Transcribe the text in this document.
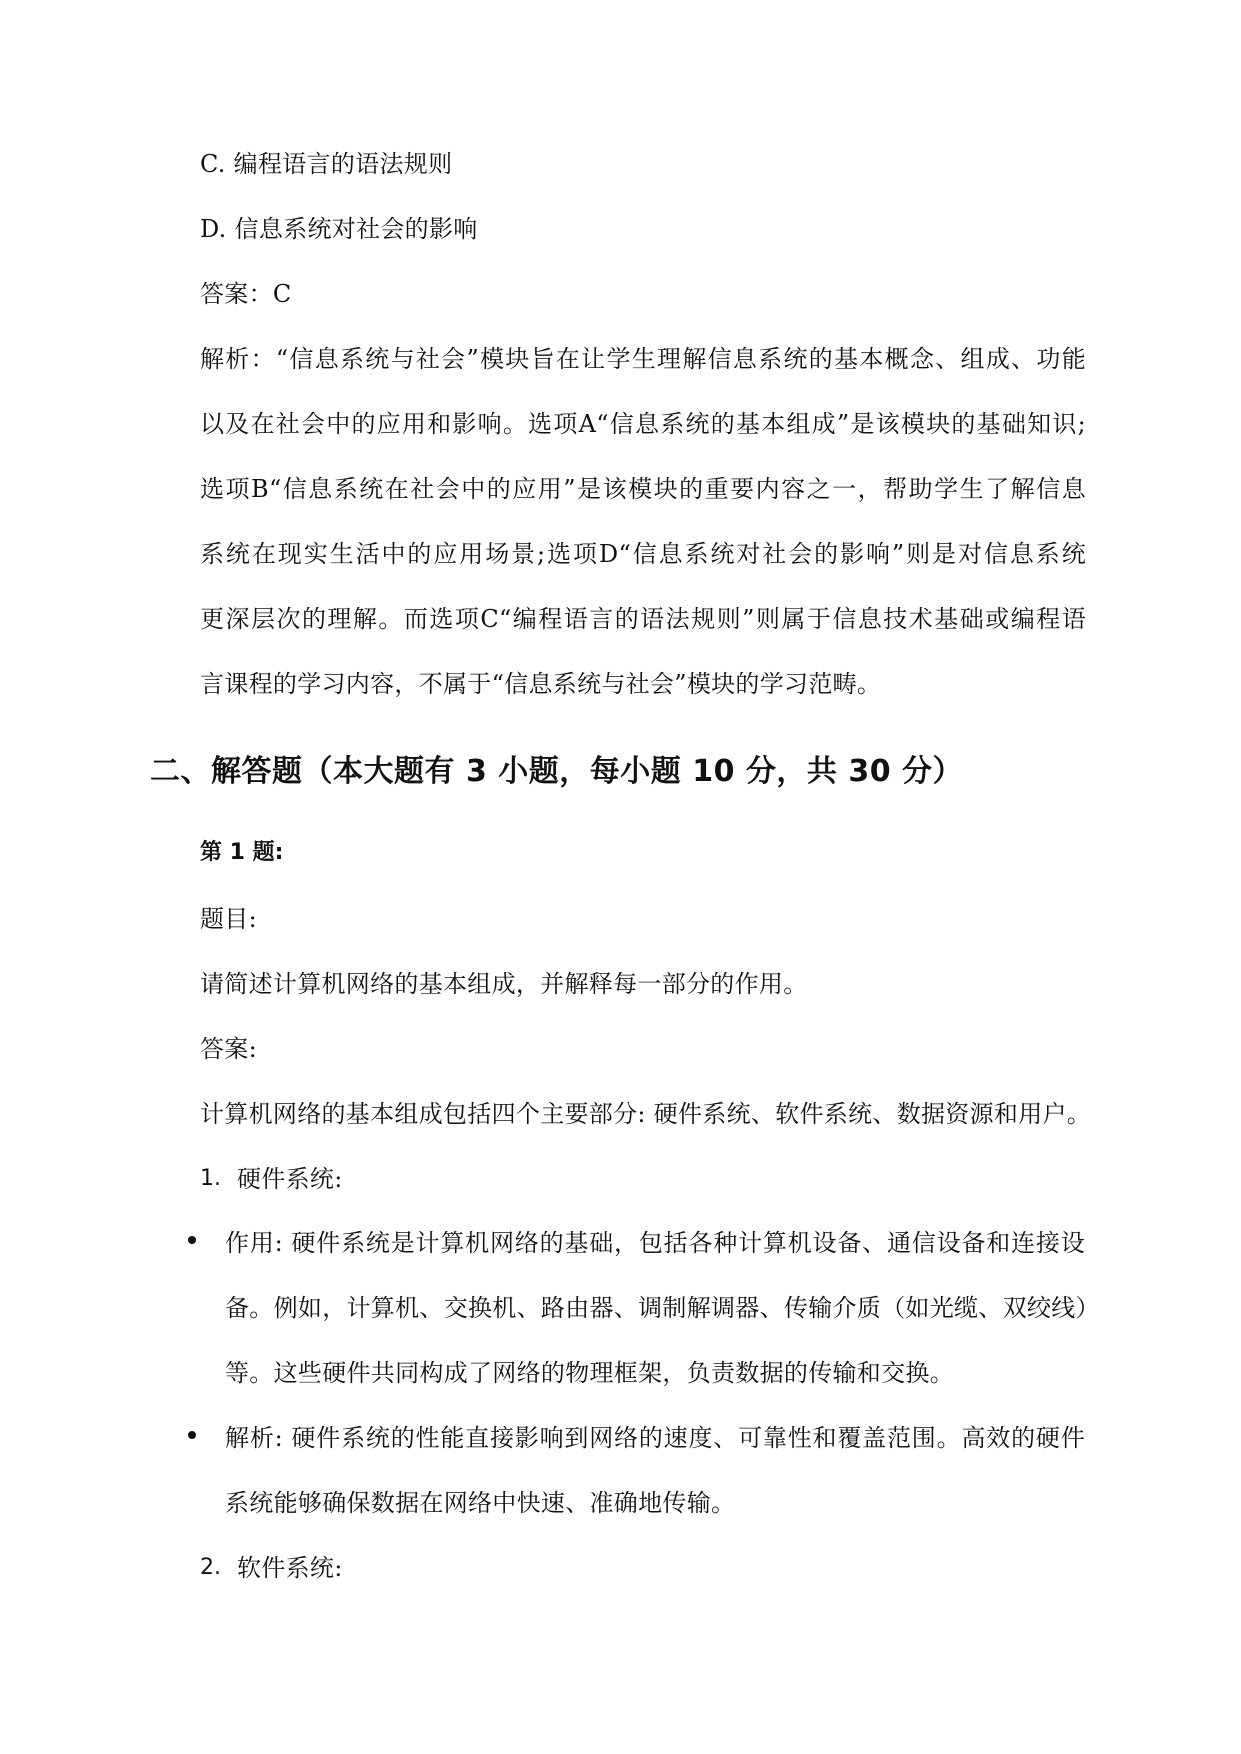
C. 编程语言的语法规则
D. 信息系统对社会的影响
答案：C
解析：“信息系统与社会”模块旨在让学生理解信息系统的基本概念、组成、功能
以及在社会中的应用和影响。选项A“信息系统的基本组成”是该模块的基础知识;
选项B“信息系统在社会中的应用”是该模块的重要内容之一，帮助学生了解信息
系统在现实生活中的应用场景;选项D“信息系统对社会的影响”则是对信息系统
更深层次的理解。而选项C“编程语言的语法规则”则属于信息技术基础或编程语
言课程的学习内容，不属于“信息系统与社会”模块的学习范畴。
二、解答题（本大题有 3 小题，每小题 10 分，共 30 分）
第 1 题:
题目:
请简述计算机网络的基本组成，并解释每一部分的作用。
答案:
计算机网络的基本组成包括四个主要部分: 硬件系统、软件系统、数据资源和用户。
1. 硬件系统:
作用: 硬件系统是计算机网络的基础，包括各种计算机设备、通信设备和连接设
备。例如，计算机、交换机、路由器、调制解调器、传输介质（如光缆、双绞线）
等。这些硬件共同构成了网络的物理框架，负责数据的传输和交换。
解析: 硬件系统的性能直接影响到网络的速度、可靠性和覆盖范围。高效的硬件
系统能够确保数据在网络中快速、准确地传输。
2. 软件系统:
